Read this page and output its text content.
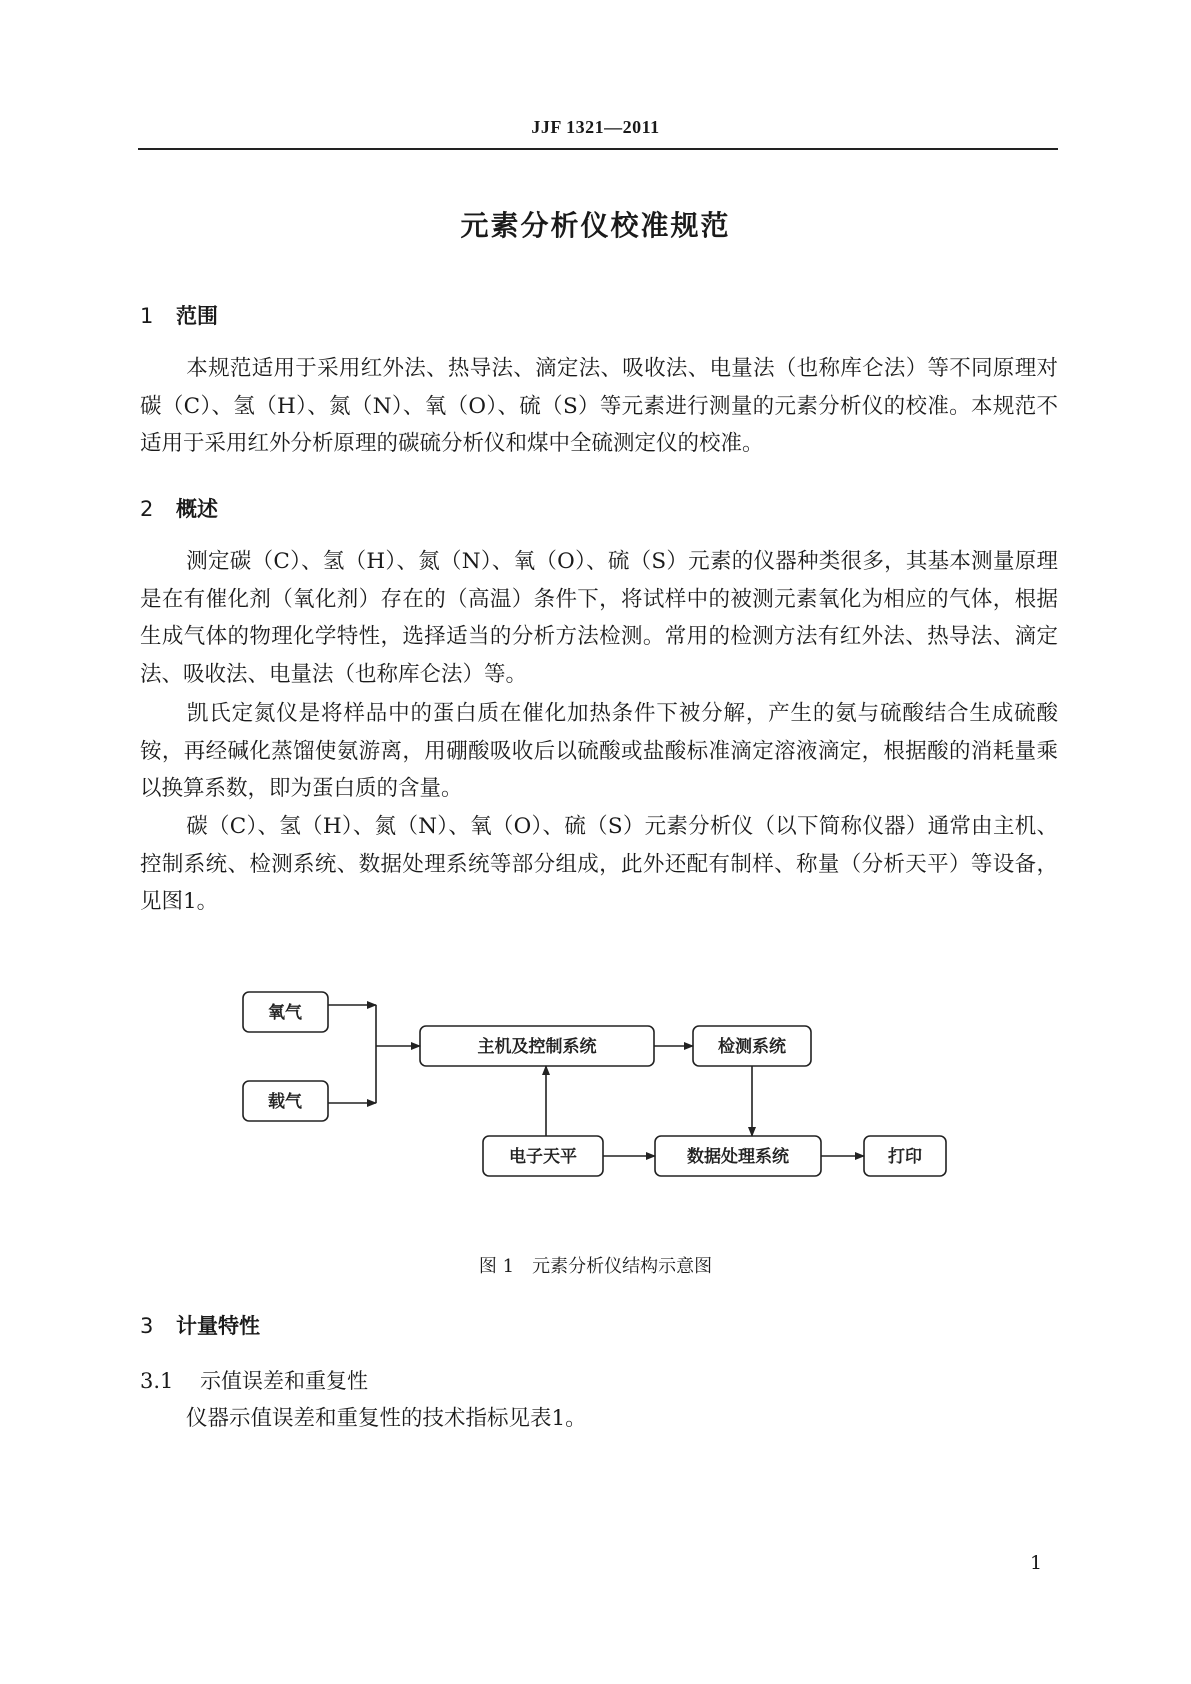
JJF 1321—2011
元素分析仪校准规范
1 范围
本规范适用于采用红外法、热导法、滴定法、吸收法、电量法（也称库仑法）等不同原理对碳（C）、氢（H）、氮（N）、氧（O）、硫（S）等元素进行测量的元素分析仪的校准。本规范不适用于采用红外分析原理的碳硫分析仪和煤中全硫测定仪的校准。
2 概述
测定碳（C）、氢（H）、氮（N）、氧（O）、硫（S）元素的仪器种类很多，其基本测量原理是在有催化剂（氧化剂）存在的（高温）条件下，将试样中的被测元素氧化为相应的气体，根据生成气体的物理化学特性，选择适当的分析方法检测。常用的检测方法有红外法、热导法、滴定法、吸收法、电量法（也称库仑法）等。
凯氏定氮仪是将样品中的蛋白质在催化加热条件下被分解，产生的氨与硫酸结合生成硫酸铵，再经碱化蒸馏使氨游离，用硼酸吸收后以硫酸或盐酸标准滴定溶液滴定，根据酸的消耗量乘以换算系数，即为蛋白质的含量。
碳（C）、氢（H）、氮（N）、氧（O）、硫（S）元素分析仪（以下简称仪器）通常由主机、控制系统、检测系统、数据处理系统等部分组成，此外还配有制样、称量（分析天平）等设备，见图1。
氧气
载气
主机及控制系统	检测系统
电子天平	数据处理系统	打印
图 1　元素分析仪结构示意图
3 计量特性
3.1 示值误差和重复性
仪器示值误差和重复性的技术指标见表1。
1
